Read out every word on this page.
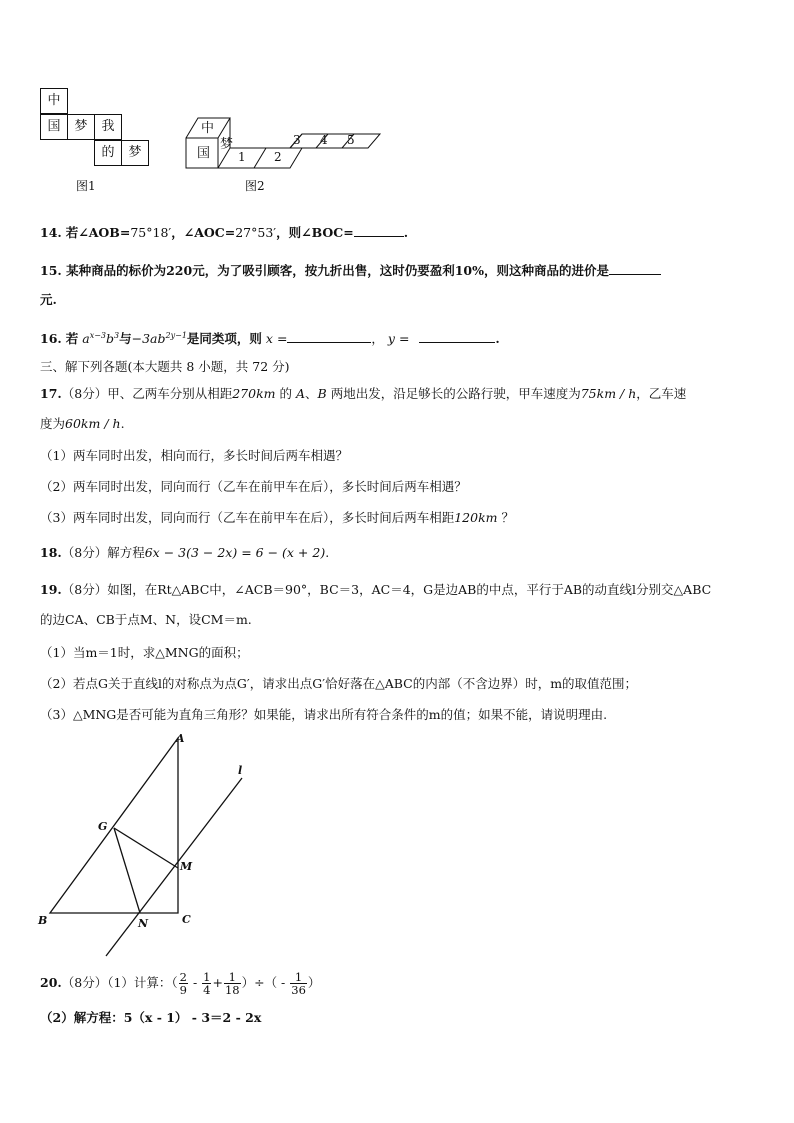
中
国	梦	我
的	梦
图1
中
国
梦
1 2
3 4 5
图2
14. 若∠AOB=75°18′，∠AOC=27°53′，则∠BOC=	.
15. 某种商品的标价为220元，为了吸引顾客，按九折出售，这时仍要盈利10%，则这种商品的进价是
元.
16. 若 $a^{x-3}b^3$与$-3ab^{2y-1}$是同类项，则 x =	， y =	.
三、解下列各题(本大题共 8 小题，共 72 分)
17.（8分）甲、乙两车分别从相距270km 的 A、B 两地出发，沿足够长的公路行驶，甲车速度为75km / h，乙车速
度为60km / h.
（1）两车同时出发，相向而行，多长时间后两车相遇？
（2）两车同时出发，同向而行（乙车在前甲车在后），多长时间后两车相遇？
（3）两车同时出发，同向而行（乙车在前甲车在后），多长时间后两车相距120km ？
18.（8分）解方程6x − 3(3 − 2x) = 6 − (x + 2).
19.（8分）如图，在Rt△ABC中，∠ACB＝90°，BC＝3，AC＝4，G是边AB的中点，平行于AB的动直线l分别交△ABC
的边CA、CB于点M、N，设CM＝m.
（1）当m＝1时，求△MNG的面积；
（2）若点G关于直线l的对称点为点G′，请求出点G′恰好落在△ABC的内部（不含边界）时，m的取值范围；
（3）△MNG是否可能为直角三角形？如果能，请求出所有符合条件的m的值；如果不能，请说明理由.
A
B	C
G
M
N
l
20.（8分）（1）计算：（ $\frac{2}{9} - \frac{1}{4} + \frac{1}{18}$ ）÷（ - $\frac{1}{36}$ ）
（2）解方程：5（x - 1） - 3＝2 - 2x
